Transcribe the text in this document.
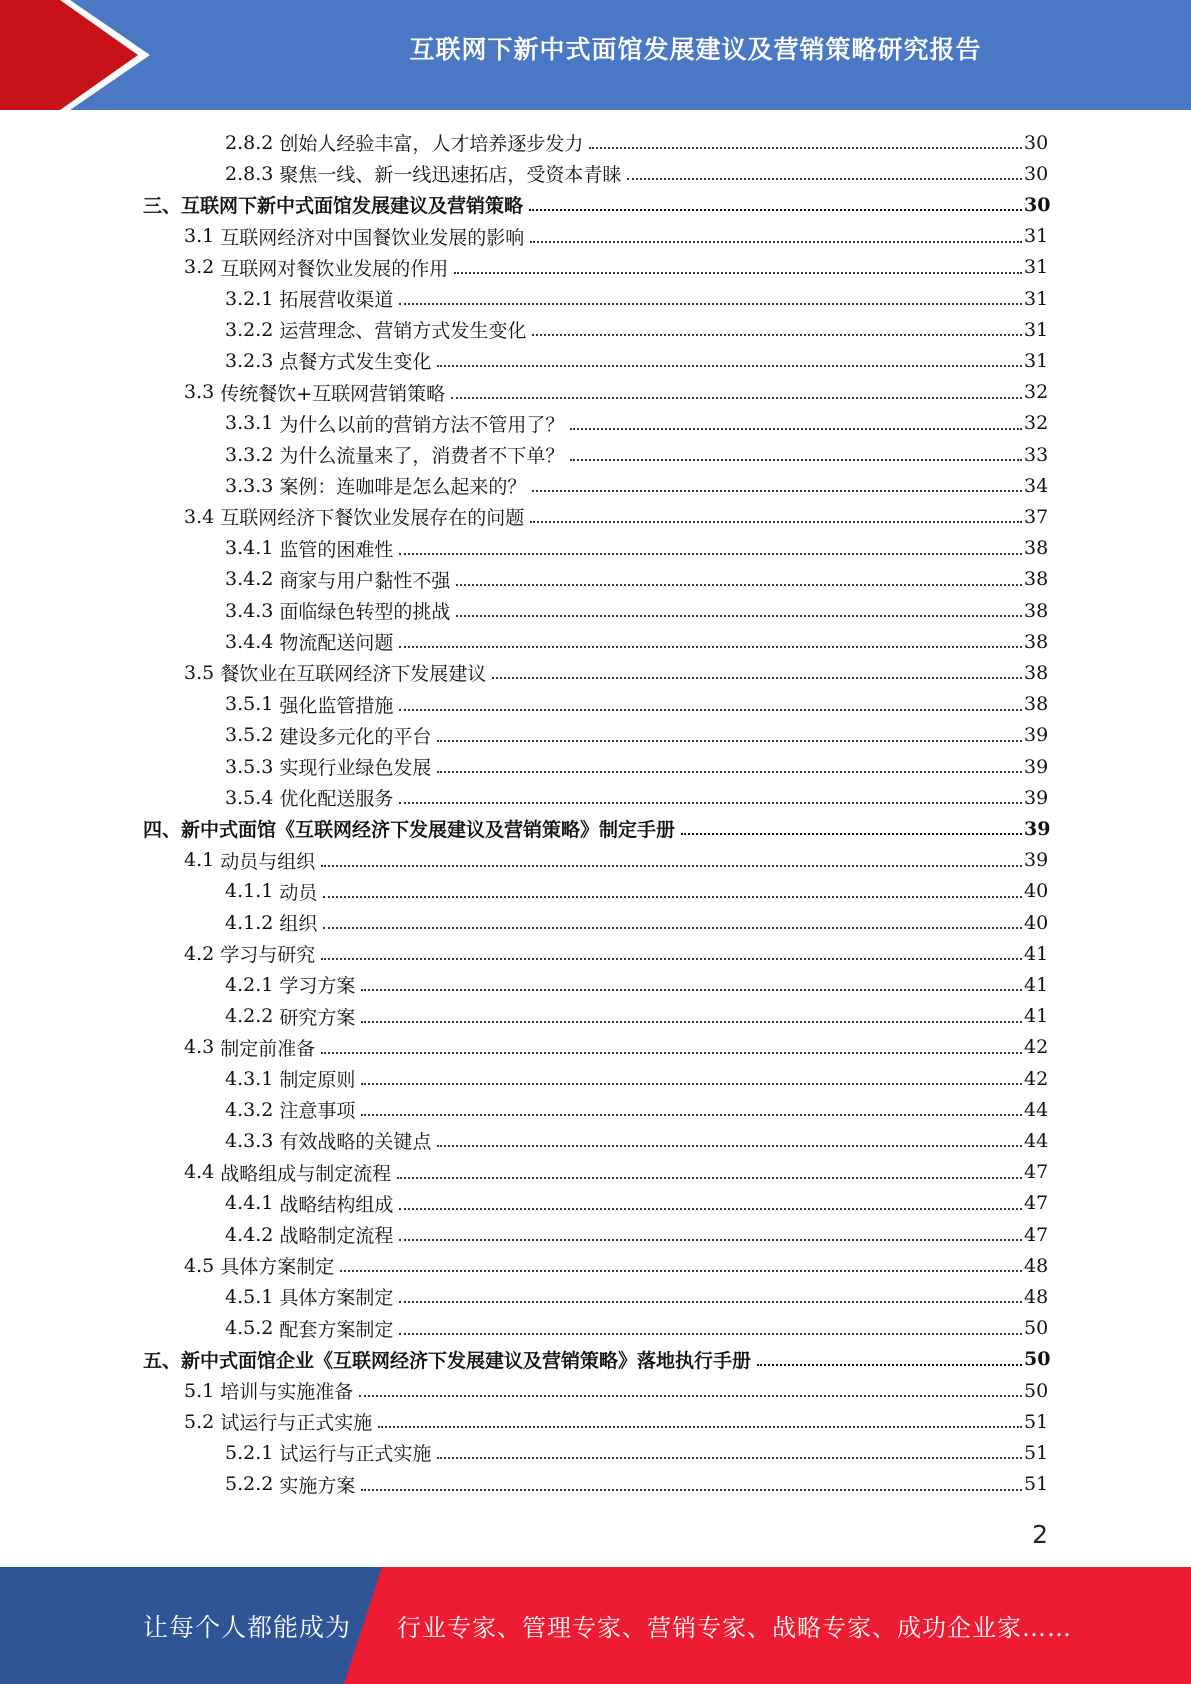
互联网下新中式面馆发展建议及营销策略研究报告
2.8.2 创始人经验丰富，人才培养逐步发力	30
2.8.3 聚焦一线、新一线迅速拓店，受资本青睐	30
三、互联网下新中式面馆发展建议及营销策略	30
3.1 互联网经济对中国餐饮业发展的影响	31
3.2 互联网对餐饮业发展的作用	31
3.2.1 拓展营收渠道	31
3.2.2 运营理念、营销方式发生变化	31
3.2.3 点餐方式发生变化	31
3.3 传统餐饮+互联网营销策略	32
3.3.1 为什么以前的营销方法不管用了？	32
3.3.2 为什么流量来了，消费者不下单？	33
3.3.3 案例：连咖啡是怎么起来的？	34
3.4 互联网经济下餐饮业发展存在的问题	37
3.4.1 监管的困难性	38
3.4.2 商家与用户黏性不强	38
3.4.3 面临绿色转型的挑战	38
3.4.4 物流配送问题	38
3.5 餐饮业在互联网经济下发展建议	38
3.5.1 强化监管措施	38
3.5.2 建设多元化的平台	39
3.5.3 实现行业绿色发展	39
3.5.4 优化配送服务	39
四、新中式面馆《互联网经济下发展建议及营销策略》制定手册	39
4.1 动员与组织	39
4.1.1 动员	40
4.1.2 组织	40
4.2 学习与研究	41
4.2.1 学习方案	41
4.2.2 研究方案	41
4.3 制定前准备	42
4.3.1 制定原则	42
4.3.2 注意事项	44
4.3.3 有效战略的关键点	44
4.4 战略组成与制定流程	47
4.4.1 战略结构组成	47
4.4.2 战略制定流程	47
4.5 具体方案制定	48
4.5.1 具体方案制定	48
4.5.2 配套方案制定	50
五、新中式面馆企业《互联网经济下发展建议及营销策略》落地执行手册	50
5.1 培训与实施准备	50
5.2 试运行与正式实施	51
5.2.1 试运行与正式实施	51
5.2.2 实施方案	51
2
让每个人都能成为 行业专家、管理专家、营销专家、战略专家、成功企业家……
